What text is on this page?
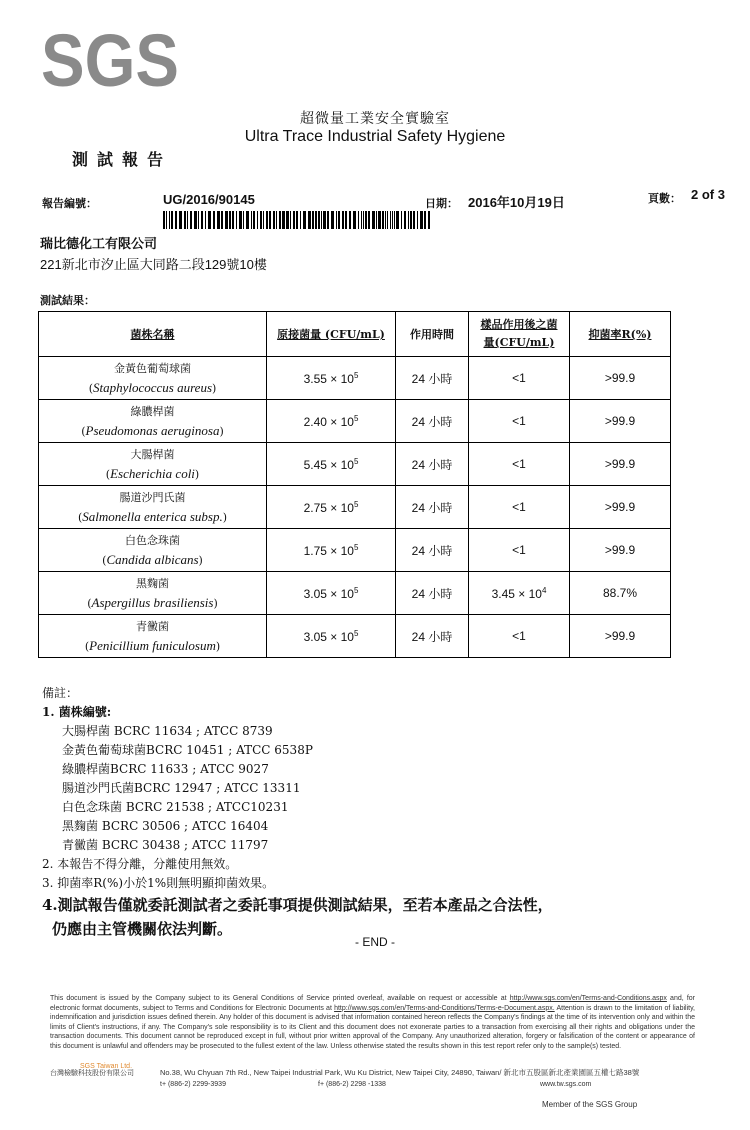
SGS
超微量工業安全實驗室
Ultra Trace Industrial Safety Hygiene
測試報告
報告編號：	UG/2016/90145	日期： 2016年10月19日	頁數： 2 of 3
瑞比德化工有限公司
221新北市汐止區大同路二段129號10樓
測試結果：
菌株名稱	原接菌量 (CFU/mL)	作用時間	樣品作用後之菌
量(CFU/mL)	抑菌率R(%)
金黃色葡萄球菌
(Staphylococcus aureus)	$3.55 \times 10^5$	24 小時	<1	>99.9
綠膿桿菌
(Pseudomonas aeruginosa)	$2.40 \times 10^5$	24 小時	<1	>99.9
大腸桿菌
(Escherichia coli)	$5.45 \times 10^5$	24 小時	<1	>99.9
腸道沙門氏菌
(Salmonella enterica subsp.)	$2.75 \times 10^5$	24 小時	<1	>99.9
白色念珠菌
(Candida albicans)	$1.75 \times 10^5$	24 小時	<1	>99.9
黑麴菌
(Aspergillus brasiliensis)	$3.05 \times 10^5$	24 小時	$3.45 \times 10^4$	88.7%
青黴菌
(Penicillium funiculosum)	$3.05 \times 10^5$	24 小時	<1	>99.9
備註：
1. 菌株編號:
大腸桿菌 BCRC 11634 ; ATCC 8739
金黃色葡萄球菌BCRC 10451 ; ATCC 6538P
綠膿桿菌BCRC 11633 ; ATCC 9027
腸道沙門氏菌BCRC 12947 ; ATCC 13311
白色念珠菌 BCRC 21538 ; ATCC10231
黑麴菌 BCRC 30506 ; ATCC 16404
青黴菌 BCRC 30438 ; ATCC 11797
2. 本報告不得分離，分離使用無效。
3. 抑菌率R(%)小於1%則無明顯抑菌效果。
4.測試報告僅就委託測試者之委託事項提供測試結果，至若本產品之合法性，
仍應由主管機關依法判斷。
- END -
This document is issued by the Company subject to its General Conditions of Service printed overleaf, available on request or accessible at http://www.sgs.com/en/Terms-and-Conditions.aspx and, for electronic format documents, subject to Terms and Conditions for Electronic Documents at http://www.sgs.com/en/Terms-and-Conditions/Terms-e-Document.aspx. Attention is drawn to the limitation of liability, indemnification and jurisdiction issues defined therein. Any holder of this document is advised that information contained hereon reflects the Company's findings at the time of its intervention only and within the limits of Client's instructions, if any. The Company's sole responsibility is to its Client and this document does not exonerate parties to a transaction from exercising all their rights and obligations under the transaction documents. This document cannot be reproduced except in full, without prior written approval of the Company. Any unauthorized alteration, forgery or falsification of the content or appearance of this document is unlawful and offenders may be prosecuted to the fullest extent of the law. Unless otherwise stated the results shown in this test report refer only to the sample(s) tested.
SGS Taiwan Ltd.
台灣檢驗科技股份有限公司	No.38, Wu Chyuan 7th Rd., New Taipei Industrial Park, Wu Ku District, New Taipei City, 24890, Taiwan/ 新北市五股區新北產業園區五權七路38號
t+ (886-2) 2299-3939	f+ (886-2) 2298 -1338	www.tw.sgs.com
Member of the SGS Group
